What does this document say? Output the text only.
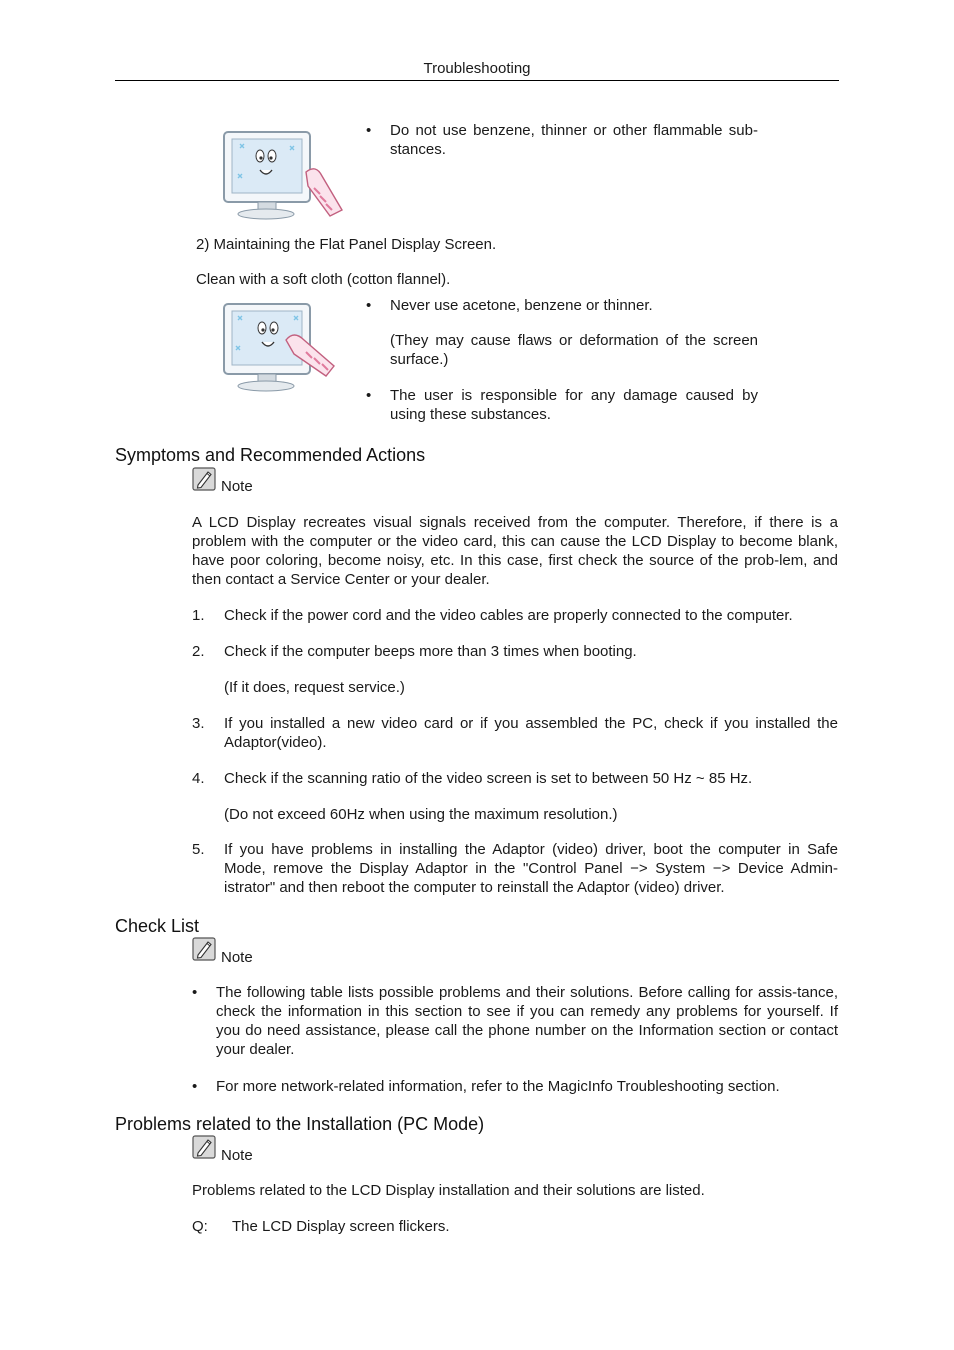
Troubleshooting
•	Do not use benzene, thinner or other flammable sub-stances.
2) Maintaining the Flat Panel Display Screen.
Clean with a soft cloth (cotton flannel).
•	Never use acetone, benzene or thinner.
(They may cause flaws or deformation of the screen surface.)
•	The user is responsible for any damage caused by using these substances.
Symptoms and Recommended Actions
Note
A LCD Display recreates visual signals received from the computer. Therefore, if there is a problem with the computer or the video card, this can cause the LCD Display to become blank, have poor coloring, become noisy, etc. In this case, first check the source of the prob-lem, and then contact a Service Center or your dealer.
1.	Check if the power cord and the video cables are properly connected to the computer.
2.	Check if the computer beeps more than 3 times when booting.
(If it does, request service.)
3.	If you installed a new video card or if you assembled the PC, check if you installed the Adaptor(video).
4.	Check if the scanning ratio of the video screen is set to between 50 Hz ~ 85 Hz.
(Do not exceed 60Hz when using the maximum resolution.)
5.	If you have problems in installing the Adaptor (video) driver, boot the computer in Safe Mode, remove the Display Adaptor in the "Control Panel −> System −> Device Admin-istrator" and then reboot the computer to reinstall the Adaptor (video) driver.
Check List
Note
•	The following table lists possible problems and their solutions. Before calling for assis-tance, check the information in this section to see if you can remedy any problems for yourself. If you do need assistance, please call the phone number on the Information section or contact your dealer.
•	For more network-related information, refer to the MagicInfo Troubleshooting section.
Problems related to the Installation (PC Mode)
Note
Problems related to the LCD Display installation and their solutions are listed.
Q:	The LCD Display screen flickers.
